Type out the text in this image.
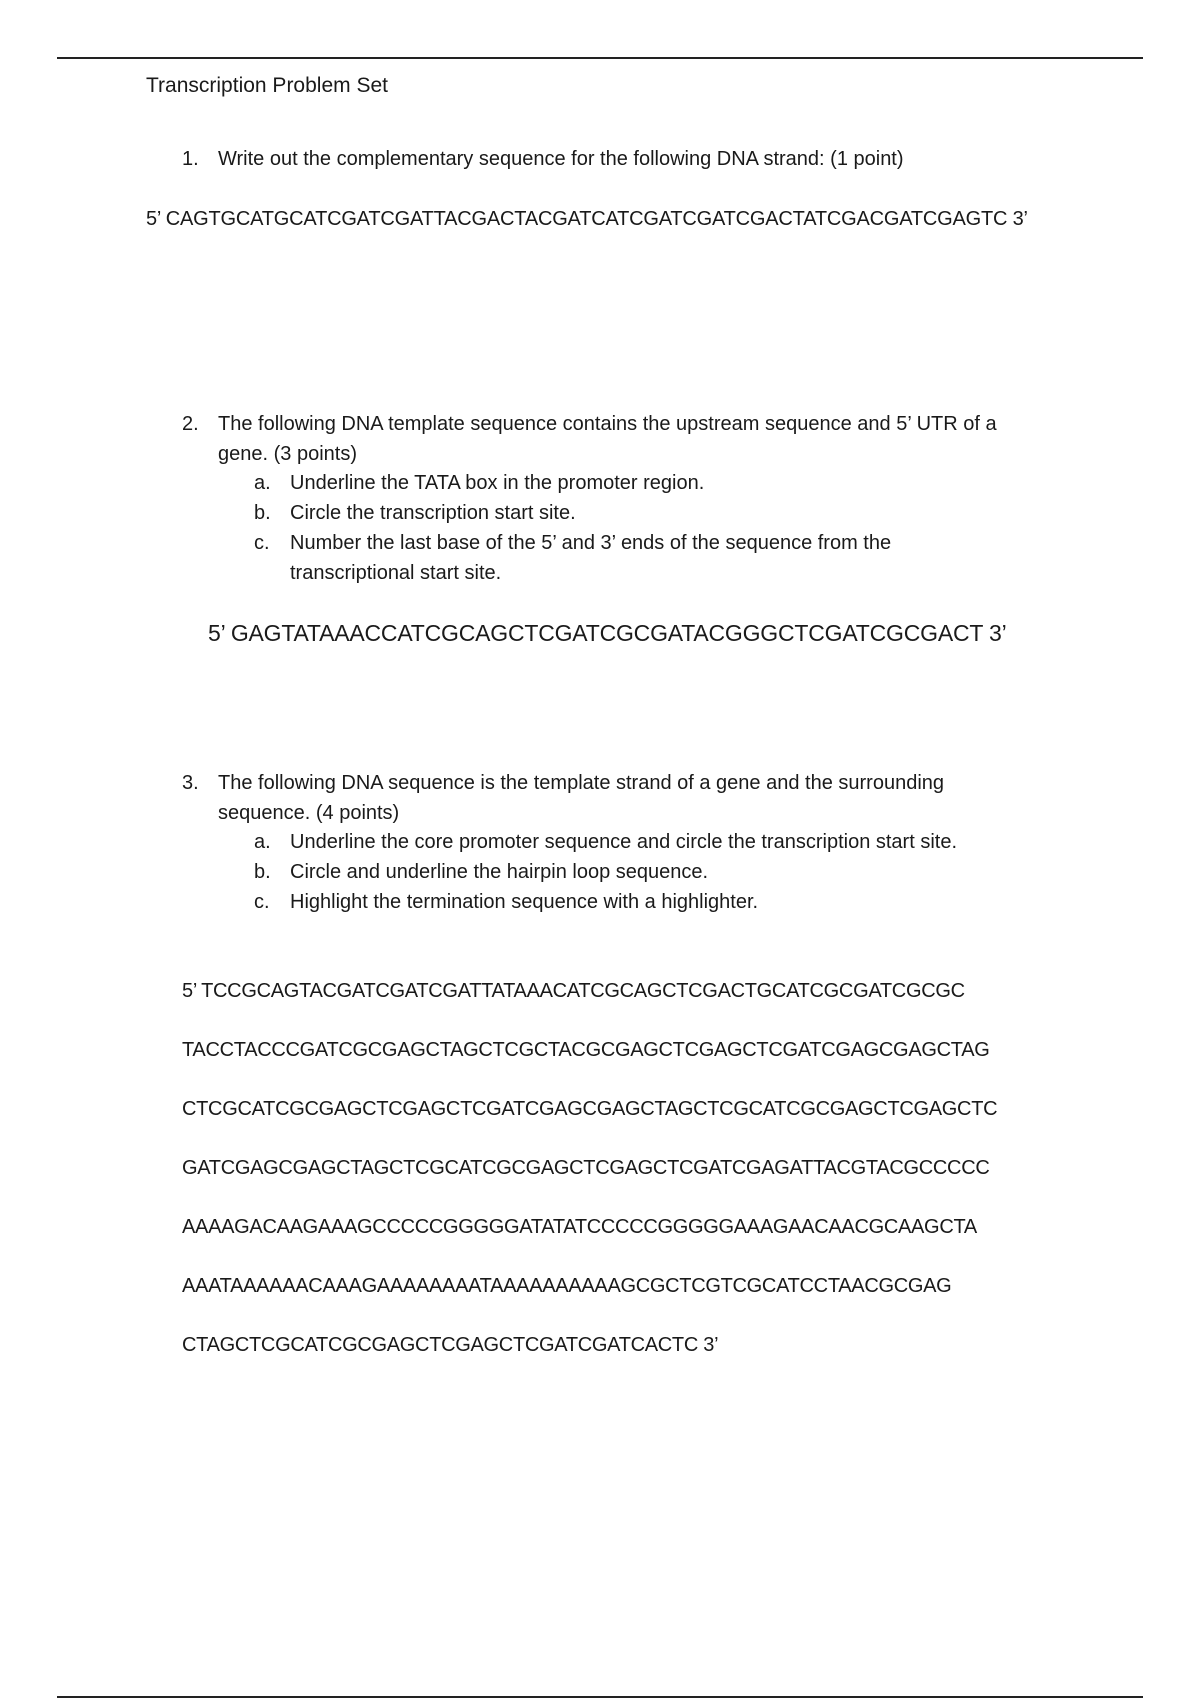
Transcription Problem Set
1. Write out the complementary sequence for the following DNA strand: (1 point)
5’ CAGTGCATGCATCGATCGATTACGACTACGATCATCGATCGATCGACTATCGACGATCGAGTC 3’
2. The following DNA template sequence contains the upstream sequence and 5’ UTR of a
gene. (3 points)
a. Underline the TATA box in the promoter region.
b. Circle the transcription start site.
c. Number the last base of the 5’ and 3’ ends of the sequence from the
transcriptional start site.
5’ GAGTATAAACCATCGCAGCTCGATCGCGATACGGGCTCGATCGCGACT 3’
3. The following DNA sequence is the template strand of a gene and the surrounding
sequence. (4 points)
a. Underline the core promoter sequence and circle the transcription start site.
b. Circle and underline the hairpin loop sequence.
c. Highlight the termination sequence with a highlighter.
5’ TCCGCAGTACGATCGATCGATTATAAACATCGCAGCTCGACTGCATCGCGATCGCGC
TACCTACCCGATCGCGAGCTAGCTCGCTACGCGAGCTCGAGCTCGATCGAGCGAGCTAG
CTCGCATCGCGAGCTCGAGCTCGATCGAGCGAGCTAGCTCGCATCGCGAGCTCGAGCTC
GATCGAGCGAGCTAGCTCGCATCGCGAGCTCGAGCTCGATCGAGATTACGTACGCCCCC
AAAAGACAAGAAAGCCCCCGGGGGATATATCCCCCGGGGGAAAGAACAACGCAAGCTA
AAATAAAAAACAAAGAAAAAAAATAAAAAAAAAAGCGCTCGTCGCATCCTAACGCGAG
CTAGCTCGCATCGCGAGCTCGAGCTCGATCGATCACTC 3’
